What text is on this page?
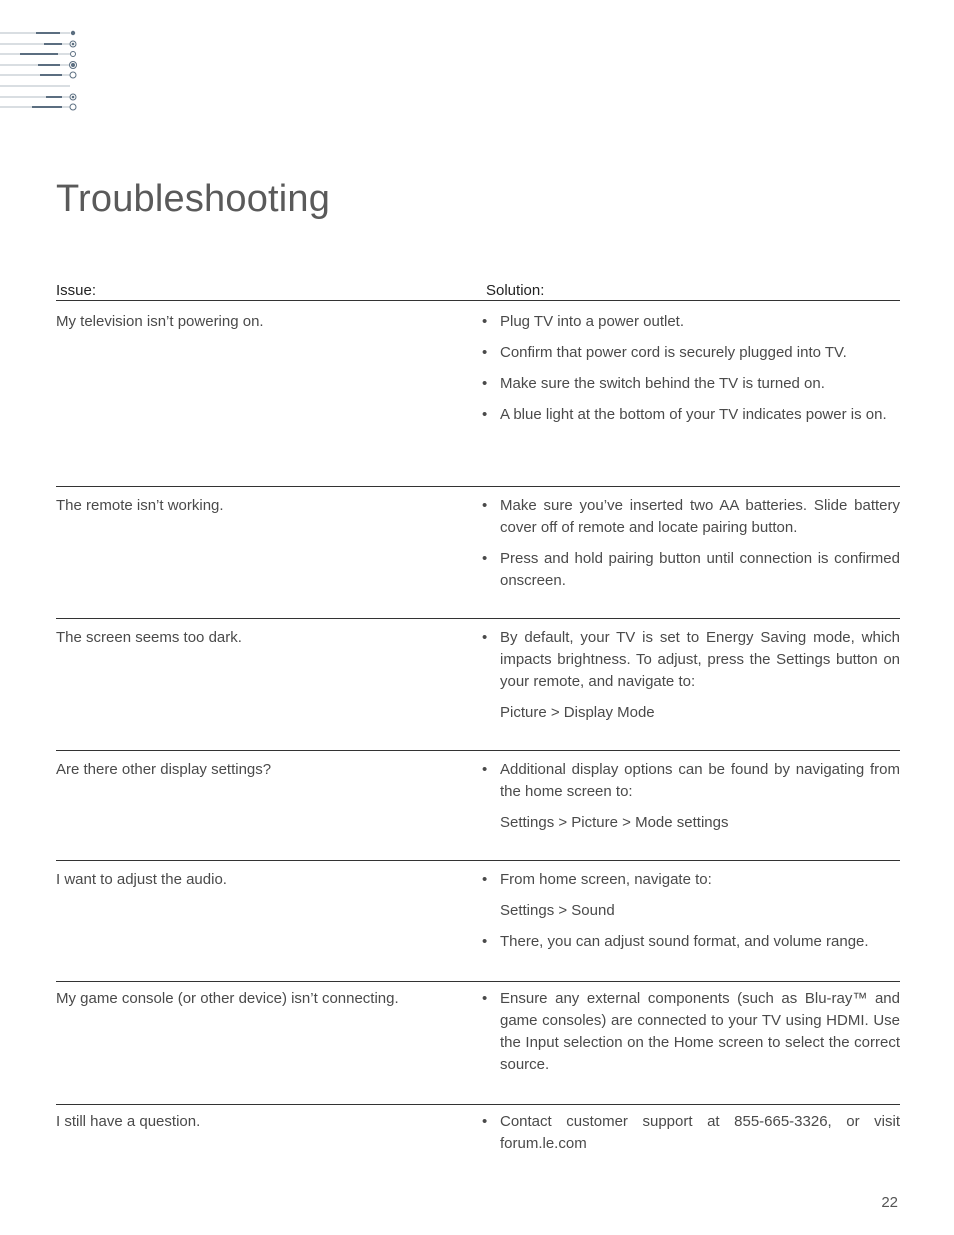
Troubleshooting
Issue:	Solution:
My television isn’t powering on.	• Plug TV into a power outlet.

• Confirm that power cord is securely plugged into TV.

• Make sure the switch behind the TV is turned on.

• A blue light at the bottom of your TV indicates power is on.

The remote isn’t working.	• Make sure you’ve inserted two AA batteries. Slide battery cover off of remote and locate pairing button.

• Press and hold pairing button until connection is confirmed onscreen.

The screen seems too dark.	• By default, your TV is set to Energy Saving mode, which impacts brightness. To adjust, press the Settings button on your remote, and navigate to:

Picture > Display Mode

Are there other display settings?	• Additional display options can be found by navigating from the home screen to:

Settings > Picture > Mode settings

I want to adjust the audio.	• From home screen, navigate to:

Settings > Sound

• There, you can adjust sound format, and volume range.

My game console (or other device) isn’t connecting.	• Ensure any external components (such as Blu-ray™ and game consoles) are connected to your TV using HDMI. Use the Input selection on the Home screen to select the correct source.

I still have a question.	• Contact customer support at 855-665-3326, or visit forum.le.com

22
